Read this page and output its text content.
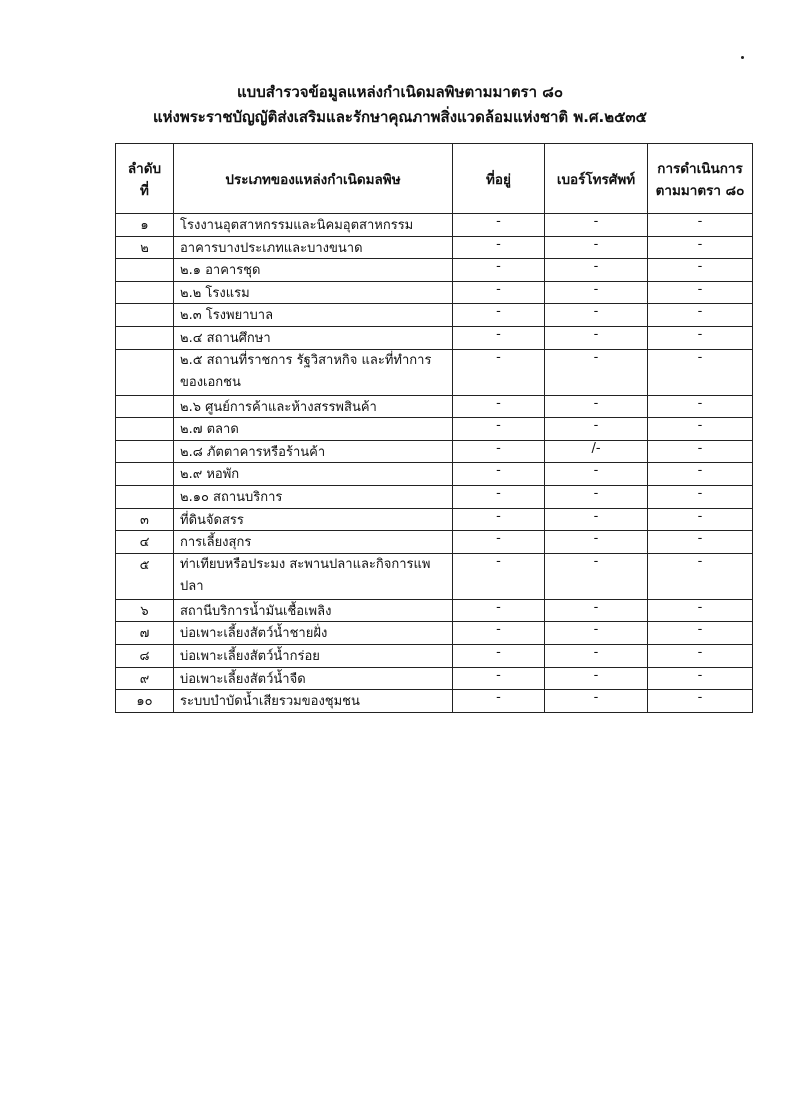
แบบสำรวจข้อมูลแหล่งกำเนิดมลพิษตามมาตรา ๘๐
แห่งพระราชบัญญัติส่งเสริมและรักษาคุณภาพสิ่งแวดล้อมแห่งชาติ พ.ศ.๒๕๓๕
ลำดับ ที่	ประเภทของแหล่งกำเนิดมลพิษ	ที่อยู่	เบอร์โทรศัพท์	การดำเนินการ ตามมาตรา ๘๐
๑	โรงงานอุตสาหกรรมและนิคมอุตสาหกรรม	-	-	-
๒	อาคารบางประเภทและบางขนาด	-	-	-
	๒.๑ อาคารชุด	-	-	-
	๒.๒ โรงแรม	-	-	-
	๒.๓ โรงพยาบาล	-	-	-
	๒.๔ สถานศึกษา	-	-	-
	๒.๕ สถานที่ราชการ รัฐวิสาหกิจ และที่ทำการของเอกชน	-	-	-
	๒.๖ ศูนย์การค้าและห้างสรรพสินค้า	-	-	-
	๒.๗ ตลาด	-	-	-
	๒.๘ ภัตตาคารหรือร้านค้า	-	/-	-
	๒.๙ หอพัก	-	-	-
	๒.๑๐ สถานบริการ	-	-	-
๓	ที่ดินจัดสรร	-	-	-
๔	การเลี้ยงสุกร	-	-	-
๕	ท่าเทียบหรือประมง สะพานปลาและกิจการแพปลา	-	-	-
๖	สถานีบริการน้ำมันเชื้อเพลิง	-	-	-
๗	บ่อเพาะเลี้ยงสัตว์น้ำชายฝั่ง	-	-	-
๘	บ่อเพาะเลี้ยงสัตว์น้ำกร่อย	-	-	-
๙	บ่อเพาะเลี้ยงสัตว์น้ำจืด	-	-	-
๑๐	ระบบบำบัดน้ำเสียรวมของชุมชน	-	-	-
